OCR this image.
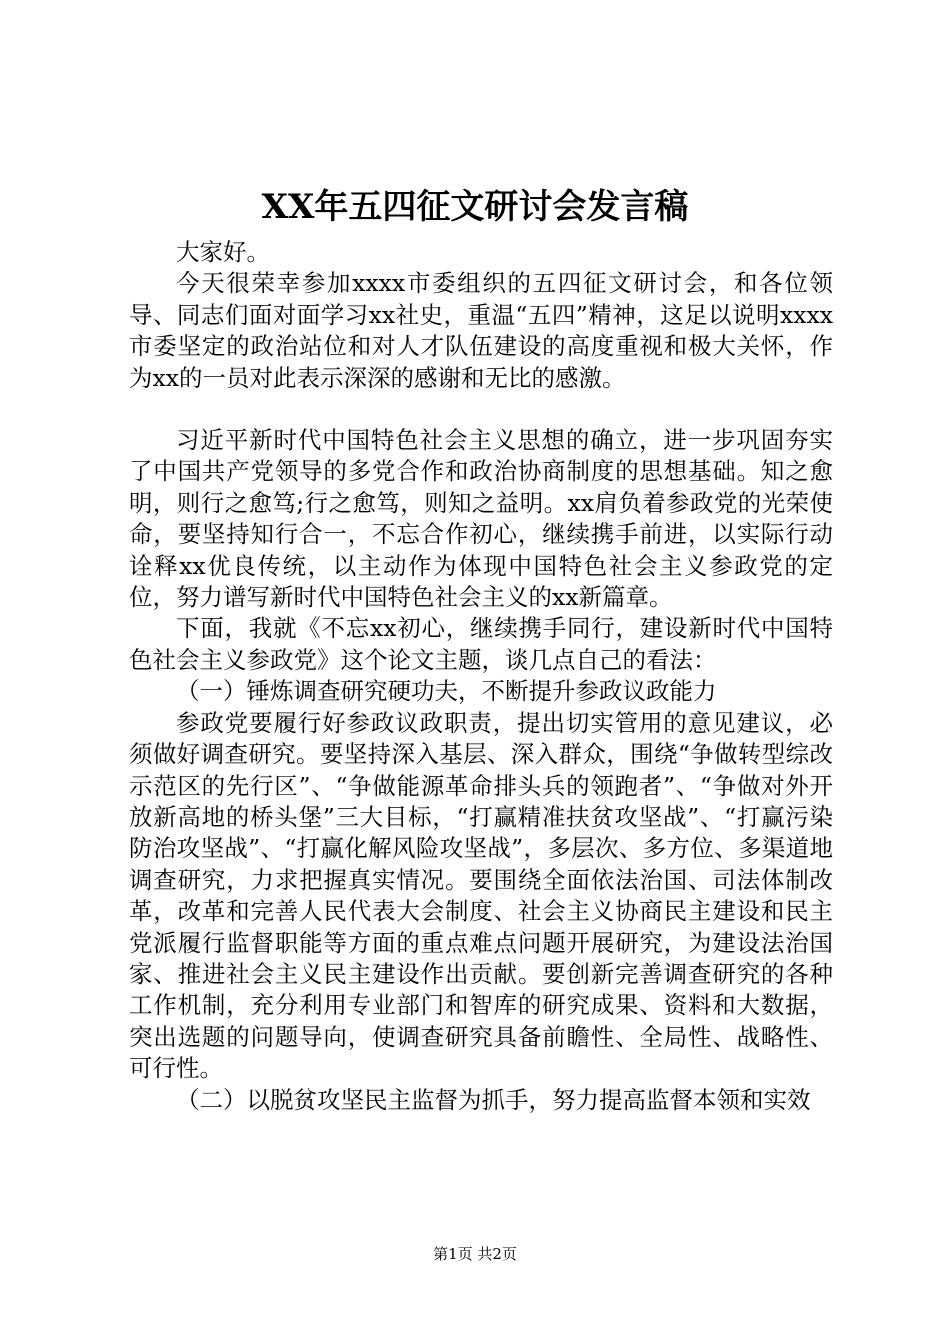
XX年五四征文研讨会发言稿

大家好。

今天很荣幸参加xxxx市委组织的五四征文研讨会，和各位领导、同志们面对面学习xx社史，重温“五四”精神，这足以说明xxxx市委坚定的政治站位和对人才队伍建设的高度重视和极大关怀，作为xx的一员对此表示深深的感谢和无比的感激。

习近平新时代中国特色社会主义思想的确立，进一步巩固夯实了中国共产党领导的多党合作和政治协商制度的思想基础。知之愈明，则行之愈笃;行之愈笃，则知之益明。xx肩负着参政党的光荣使命，要坚持知行合一，不忘合作初心，继续携手前进，以实际行动诠释xx优良传统，以主动作为体现中国特色社会主义参政党的定位，努力谱写新时代中国特色社会主义的xx新篇章。

下面，我就《不忘xx初心，继续携手同行，建设新时代中国特色社会主义参政党》这个论文主题，谈几点自己的看法：

（一）锤炼调查研究硬功夫，不断提升参政议政能力

参政党要履行好参政议政职责，提出切实管用的意见建议，必须做好调查研究。要坚持深入基层、深入群众，围绕“争做转型综改示范区的先行区”、“争做能源革命排头兵的领跑者”、“争做对外开放新高地的桥头堡”三大目标，“打赢精准扶贫攻坚战”、“打赢污染防治攻坚战”、“打赢化解风险攻坚战”，多层次、多方位、多渠道地调查研究，力求把握真实情况。要围绕全面依法治国、司法体制改革，改革和完善人民代表大会制度、社会主义协商民主建设和民主党派履行监督职能等方面的重点难点问题开展研究，为建设法治国家、推进社会主义民主建设作出贡献。要创新完善调查研究的各种工作机制，充分利用专业部门和智库的研究成果、资料和大数据，突出选题的问题导向，使调查研究具备前瞻性、全局性、战略性、可行性。

（二）以脱贫攻坚民主监督为抓手，努力提高监督本领和实效

第1页 共2页
